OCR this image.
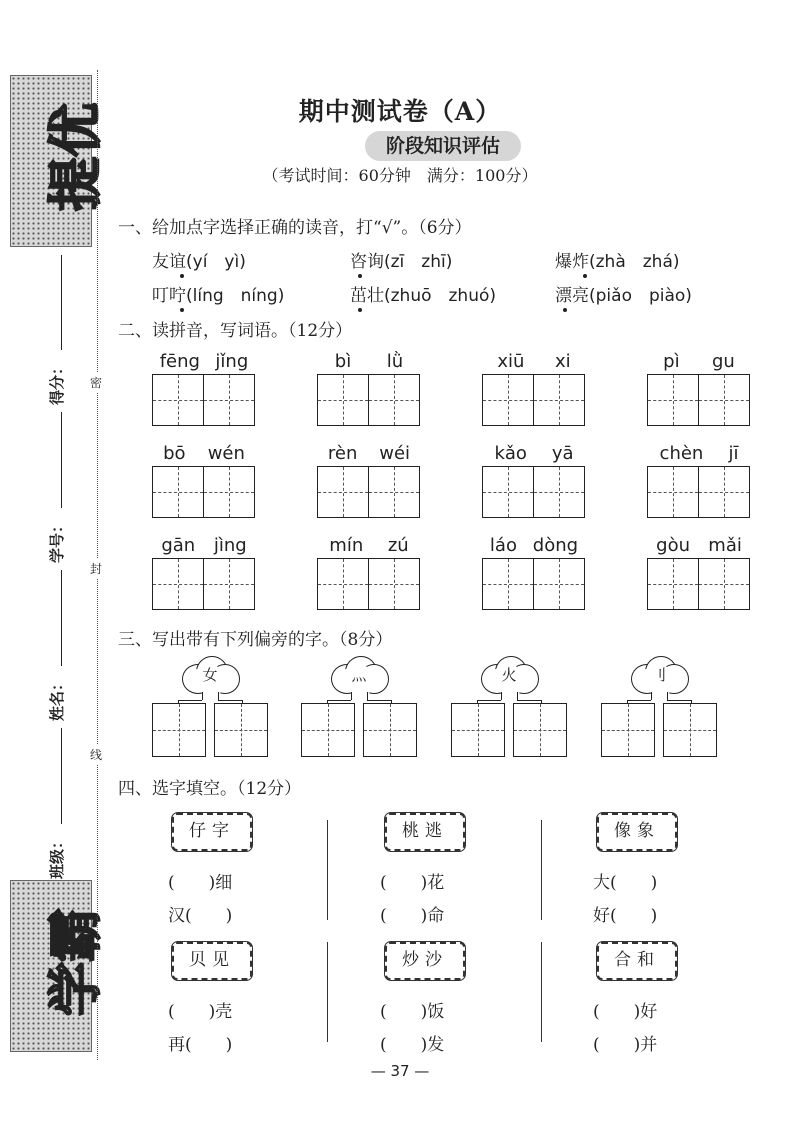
提优
学霸
得分：
学号：
姓名：
班级：
密
封
线
期中测试卷（A）
阶段知识评估
（考试时间：60分钟　满分：100分）
一、给加点字选择正确的读音，打“√”。（6分）
友谊(yí　yì)	咨询(zī　zhī)	爆炸(zhà　zhá)
叮咛(líng　níng)	茁壮(zhuō　zhuó)	漂亮(piǎo　piào)
二、读拼音，写词语。（12分）
fēng jǐng	bì lǜ	xiū xi	pì gu
bō wén	rèn wéi	kǎo yā	chèn jī
gān jìng	mín zú	láo dòng	gòu mǎi
三、写出带有下列偏旁的字。（8分）
女	灬	火	刂
四、选字填空。（12分）
仔字
(　　)细
汉(　　)
桃逃
(　　)花
(　　)命
像象
大(　　)
好(　　)
贝见
(　　)壳
再(　　)
炒沙
(　　)饭
(　　)发
合和
(　　)好
(　　)并
— 37 —
